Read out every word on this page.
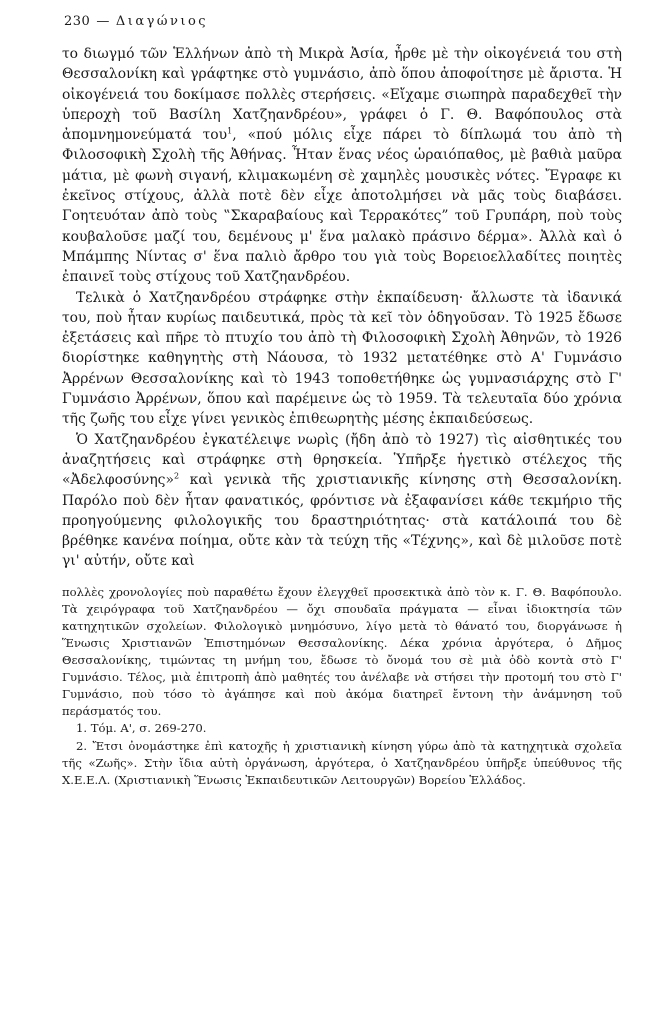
230 — Διαγώνιος

το διωγμό τῶν Ἑλλήνων ἀπὸ τὴ Μικρὰ Ἀσία, ἦρθε μὲ τὴν οἰκογένειά του στὴ Θεσσαλονίκη καὶ γράφτηκε στὸ γυμνάσιο, ἀπὸ ὅπου ἀποφοίτησε μὲ ἄριστα. Ἡ οἰκογένειά του δοκίμασε πολλὲς στερήσεις. «Εἴχαμε σιωπηρὰ παραδεχθεῖ τὴν ὑπεροχὴ τοῦ Βασίλη Χατζηανδρέου», γράφει ὁ Γ. Θ. Βαφόπουλος στὰ ἀπομνημονεύματά του$^1$, «πού μόλις εἶχε πάρει τὸ δίπλωμά του ἀπὸ τὴ Φιλοσοφικὴ Σχολὴ τῆς Ἀθήνας. Ἦταν ἕνας νέος ὡραιόπαθος, μὲ βαθιὰ μαῦρα μάτια, μὲ φωνὴ σιγανή, κλιμακωμένη σὲ χαμηλὲς μουσικὲς νότες. Ἔγραφε κι ἐκεῖνος στίχους, ἀλλὰ ποτὲ δὲν εἶχε ἀποτολμήσει νὰ μᾶς τοὺς διαβάσει. Γοητευόταν ἀπὸ τοὺς ‟Σκαραβαίους καὶ Τερρακότες” τοῦ Γρυπάρη, ποὺ τοὺς κουβαλοῦσε μαζί του, δεμένους μ' ἕνα μαλακὸ πράσινο δέρμα». Ἀλλὰ καὶ ὁ Μπάμπης Νίντας σ' ἕνα παλιὸ ἄρθρο του γιὰ τοὺς Βορειοελλαδίτες ποιητὲς ἐπαινεῖ τοὺς στίχους τοῦ Χατζηανδρέου.

Τελικὰ ὁ Χατζηανδρέου στράφηκε στὴν ἐκπαίδευση· ἄλλωστε τὰ ἰδανικά του, ποὺ ἦταν κυρίως παιδευτικά, πρὸς τὰ κεῖ τὸν ὁδηγοῦσαν. Τὸ 1925 ἔδωσε ἐξετάσεις καὶ πῆρε τὸ πτυχίο του ἀπὸ τὴ Φιλοσοφικὴ Σχολὴ Ἀθηνῶν, τὸ 1926 διορίστηκε καθηγητὴς στὴ Νάουσα, τὸ 1932 μετατέθηκε στὸ Α' Γυμνάσιο Ἀρρένων Θεσσαλονίκης καὶ τὸ 1943 τοποθετήθηκε ὡς γυμνασιάρχης στὸ Γ' Γυμνάσιο Ἀρρένων, ὅπου καὶ παρέμεινε ὡς τὸ 1959. Τὰ τελευταῖα δύο χρόνια τῆς ζωῆς του εἶχε γίνει γενικὸς ἐπιθεωρητὴς μέσης ἐκπαιδεύσεως.

Ὁ Χατζηανδρέου ἐγκατέλειψε νωρὶς (ἤδη ἀπὸ τὸ 1927) τὶς αἰσθητικές του ἀναζητήσεις καὶ στράφηκε στὴ θρησκεία. Ὑπῆρξε ἡγετικὸ στέλεχος τῆς «Ἀδελφοσύνης»$^2$ καὶ γενικὰ τῆς χριστιανικῆς κίνησης στὴ Θεσσαλονίκη. Παρόλο ποὺ δὲν ἦταν φανατικός, φρόντισε νὰ ἐξαφανίσει κάθε τεκμήριο τῆς προηγούμενης φιλολογικῆς του δραστηριότητας· στὰ κατάλοιπά του δὲ βρέθηκε κανένα ποίημα, οὔτε κὰν τὰ τεύχη τῆς «Τέχνης», καὶ δὲ μιλοῦσε ποτὲ γι' αὐτήν, οὔτε καὶ

πολλὲς χρονολογίες ποὺ παραθέτω ἔχουν ἐλεγχθεῖ προσεκτικὰ ἀπὸ τὸν κ. Γ. Θ. Βαφόπουλο. Τὰ χειρόγραφα τοῦ Χατζηανδρέου — ὄχι σπουδαῖα πράγματα — εἶναι ἰδιοκτησία τῶν κατηχητικῶν σχολείων. Φιλολογικὸ μνημόσυνο, λίγο μετὰ τὸ θάνατό του, διοργάνωσε ἡ Ἕνωσις Χριστιανῶν Ἐπιστημόνων Θεσσαλονίκης. Δέκα χρόνια ἀργότερα, ὁ Δῆμος Θεσσαλονίκης, τιμώντας τη μνήμη του, ἔδωσε τὸ ὄνομά του σὲ μιὰ ὁδὸ κοντὰ στὸ Γ' Γυμνάσιο. Τέλος, μιὰ ἐπιτροπὴ ἀπὸ μαθητές του ἀνέλαβε νὰ στήσει τὴν προτομή του στὸ Γ' Γυμνάσιο, ποὺ τόσο τὸ ἀγάπησε καὶ ποὺ ἀκόμα διατηρεῖ ἔντονη τὴν ἀνάμνηση τοῦ περάσματός του.

1. Τόμ. Α', σ. 269-270.

2. Ἔτσι ὀνομάστηκε ἐπὶ κατοχῆς ἡ χριστιανικὴ κίνηση γύρω ἀπὸ τὰ κατηχητικὰ σχολεῖα τῆς «Ζωῆς». Στὴν ἴδια αὐτὴ ὀργάνωση, ἀργότερα, ὁ Χατζηανδρέου ὑπῆρξε ὑπεύθυνος τῆς Χ.Ε.Ε.Λ. (Χριστιανικὴ Ἕνωσις Ἐκπαιδευτικῶν Λειτουργῶν) Βορείου Ἑλλάδος.
